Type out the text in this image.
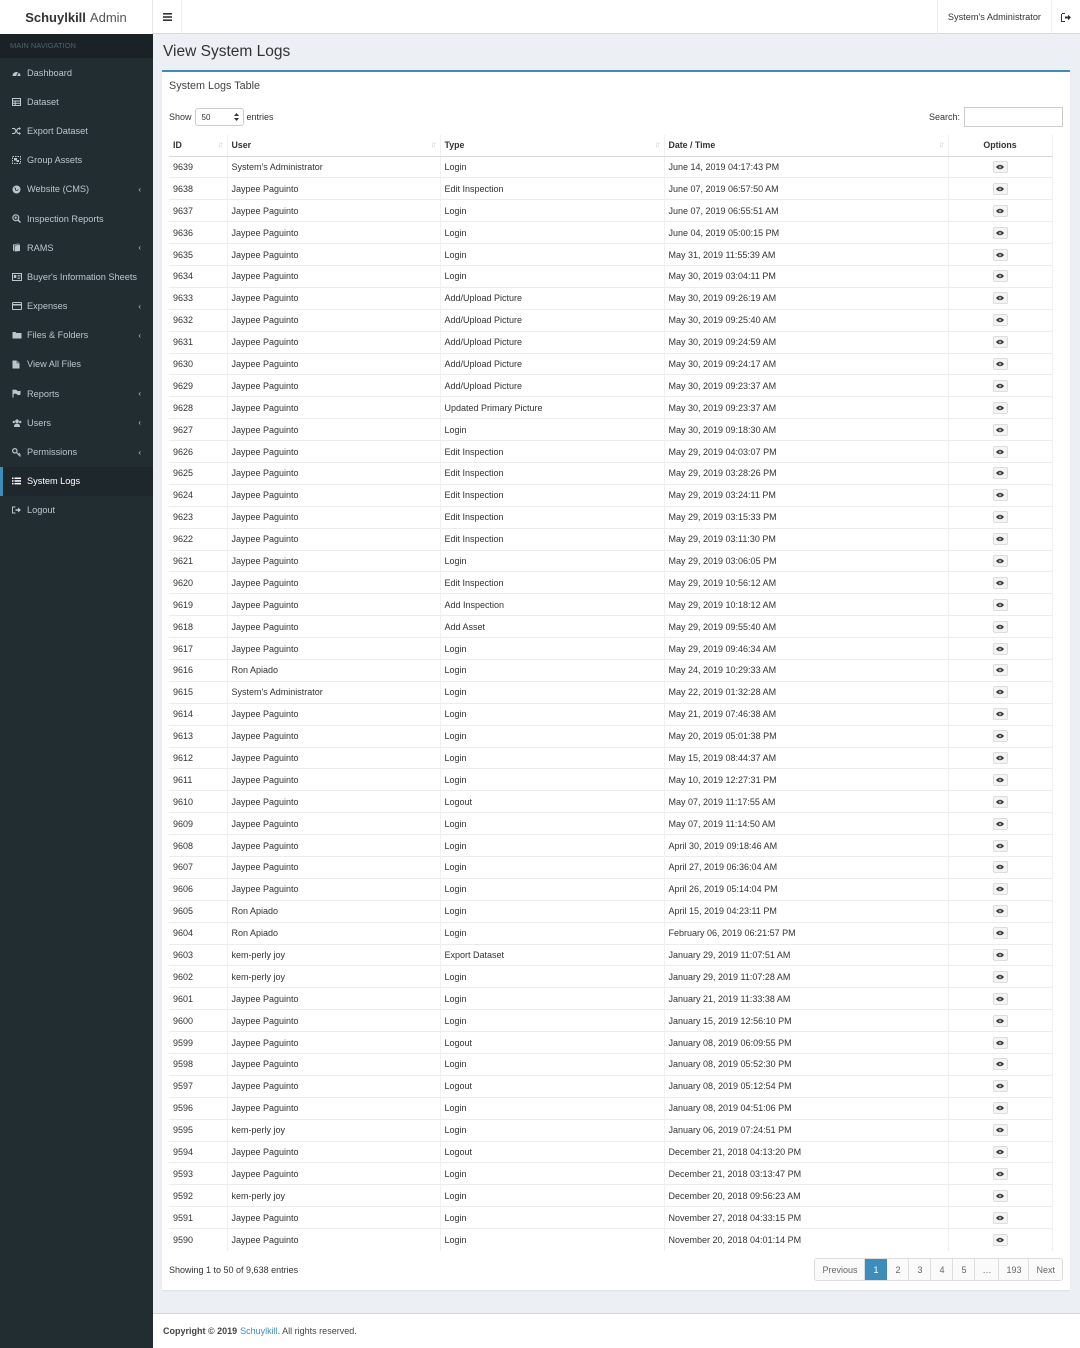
Schuylkill Admin
MAIN NAVIGATION
Dashboard
Dataset
Export Dataset
Group Assets
Website (CMS)	‹
Inspection Reports
RAMS	‹
Buyer's Information Sheets
Expenses	‹
Files & Folders	‹
View All Files
Reports	‹
Users	‹
Permissions	‹
System Logs
Logout
System's Administrator
View System Logs
System Logs Table
Show 50	entries	Search:
ID ↓↑	User ↓↑	Type ↓↑	Date / Time ↓↑	Options
9639	System's Administrator	Login	June 14, 2019 04:17:43 PM	

9638	Jaypee Paguinto	Edit Inspection	June 07, 2019 06:57:50 AM	

9637	Jaypee Paguinto	Login	June 07, 2019 06:55:51 AM	

9636	Jaypee Paguinto	Login	June 04, 2019 05:00:15 PM	

9635	Jaypee Paguinto	Login	May 31, 2019 11:55:39 AM	

9634	Jaypee Paguinto	Login	May 30, 2019 03:04:11 PM	

9633	Jaypee Paguinto	Add/Upload Picture	May 30, 2019 09:26:19 AM	

9632	Jaypee Paguinto	Add/Upload Picture	May 30, 2019 09:25:40 AM	

9631	Jaypee Paguinto	Add/Upload Picture	May 30, 2019 09:24:59 AM	

9630	Jaypee Paguinto	Add/Upload Picture	May 30, 2019 09:24:17 AM	

9629	Jaypee Paguinto	Add/Upload Picture	May 30, 2019 09:23:37 AM	

9628	Jaypee Paguinto	Updated Primary Picture	May 30, 2019 09:23:37 AM	

9627	Jaypee Paguinto	Login	May 30, 2019 09:18:30 AM	

9626	Jaypee Paguinto	Edit Inspection	May 29, 2019 04:03:07 PM	

9625	Jaypee Paguinto	Edit Inspection	May 29, 2019 03:28:26 PM	

9624	Jaypee Paguinto	Edit Inspection	May 29, 2019 03:24:11 PM	

9623	Jaypee Paguinto	Edit Inspection	May 29, 2019 03:15:33 PM	

9622	Jaypee Paguinto	Edit Inspection	May 29, 2019 03:11:30 PM	

9621	Jaypee Paguinto	Login	May 29, 2019 03:06:05 PM	

9620	Jaypee Paguinto	Edit Inspection	May 29, 2019 10:56:12 AM	

9619	Jaypee Paguinto	Add Inspection	May 29, 2019 10:18:12 AM	

9618	Jaypee Paguinto	Add Asset	May 29, 2019 09:55:40 AM	

9617	Jaypee Paguinto	Login	May 29, 2019 09:46:34 AM	

9616	Ron Apiado	Login	May 24, 2019 10:29:33 AM	

9615	System's Administrator	Login	May 22, 2019 01:32:28 AM	

9614	Jaypee Paguinto	Login	May 21, 2019 07:46:38 AM	

9613	Jaypee Paguinto	Login	May 20, 2019 05:01:38 PM	

9612	Jaypee Paguinto	Login	May 15, 2019 08:44:37 AM	

9611	Jaypee Paguinto	Login	May 10, 2019 12:27:31 PM	

9610	Jaypee Paguinto	Logout	May 07, 2019 11:17:55 AM	

9609	Jaypee Paguinto	Login	May 07, 2019 11:14:50 AM	

9608	Jaypee Paguinto	Login	April 30, 2019 09:18:46 AM	

9607	Jaypee Paguinto	Login	April 27, 2019 06:36:04 AM	

9606	Jaypee Paguinto	Login	April 26, 2019 05:14:04 PM	

9605	Ron Apiado	Login	April 15, 2019 04:23:11 PM	

9604	Ron Apiado	Login	February 06, 2019 06:21:57 PM	

9603	kem-perly joy	Export Dataset	January 29, 2019 11:07:51 AM	

9602	kem-perly joy	Login	January 29, 2019 11:07:28 AM	

9601	Jaypee Paguinto	Login	January 21, 2019 11:33:38 AM	

9600	Jaypee Paguinto	Login	January 15, 2019 12:56:10 PM	

9599	Jaypee Paguinto	Logout	January 08, 2019 06:09:55 PM	

9598	Jaypee Paguinto	Login	January 08, 2019 05:52:30 PM	

9597	Jaypee Paguinto	Logout	January 08, 2019 05:12:54 PM	

9596	Jaypee Paguinto	Login	January 08, 2019 04:51:06 PM	

9595	kem-perly joy	Login	January 06, 2019 07:24:51 PM	

9594	Jaypee Paguinto	Logout	December 21, 2018 04:13:20 PM	

9593	Jaypee Paguinto	Login	December 21, 2018 03:13:47 PM	

9592	kem-perly joy	Login	December 20, 2018 09:56:23 AM	

9591	Jaypee Paguinto	Login	November 27, 2018 04:33:15 PM	

9590	Jaypee Paguinto	Login	November 20, 2018 04:01:14 PM	
Showing 1 to 50 of 9,638 entries	Previous	1	2	3	4	5	…	193	Next
Copyright © 2019 Schuylkill . All rights reserved.
